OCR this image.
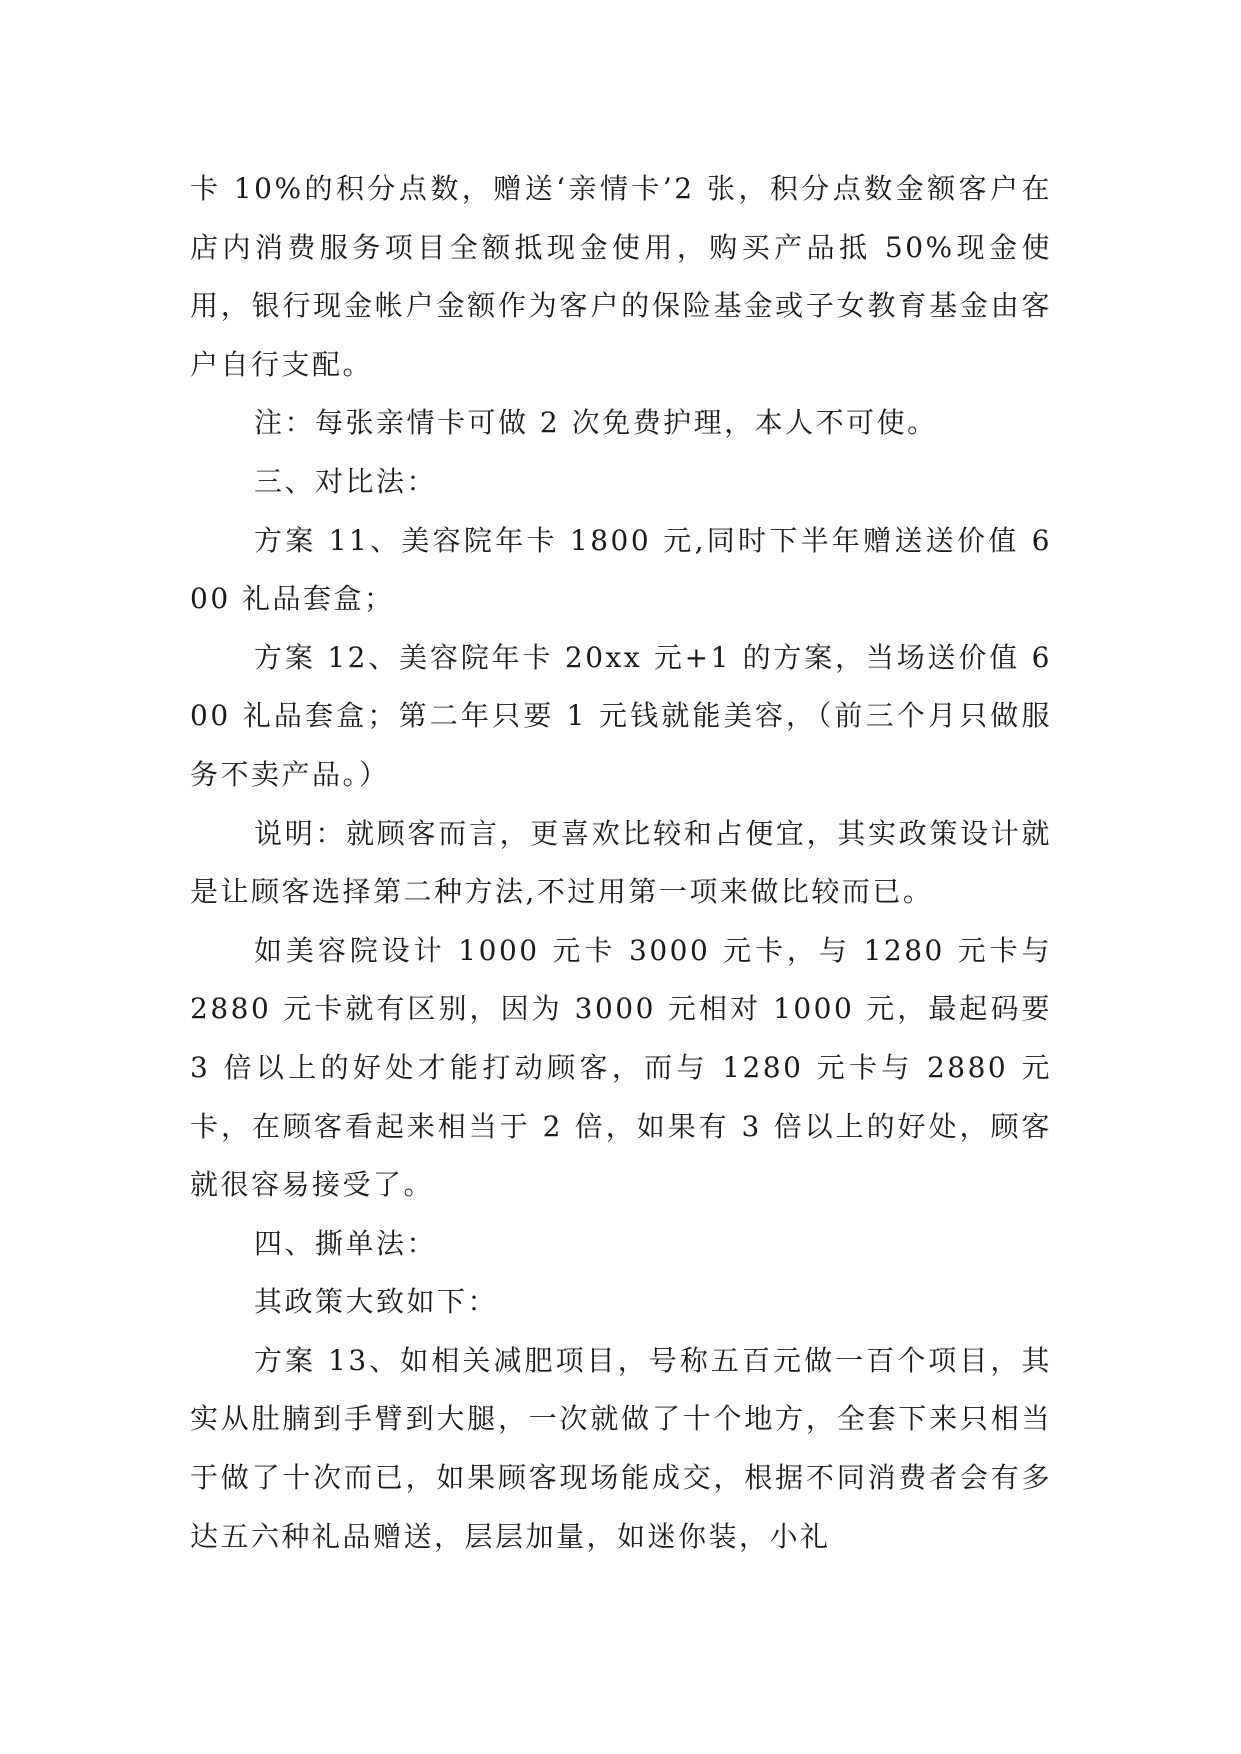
卡 10%的积分点数，赠送‘亲情卡’2 张，积分点数金额客户在店内消费服务项目全额抵现金使用，购买产品抵 50%现金使用，银行现金帐户金额作为客户的保险基金或子女教育基金由客户自行支配。

注：每张亲情卡可做 2 次免费护理，本人不可使。

三、对比法：

方案 11、美容院年卡 1800 元,同时下半年赠送送价值 600 礼品套盒；

方案 12、美容院年卡 20xx 元+1 的方案，当场送价值 600 礼品套盒；第二年只要 1 元钱就能美容，（前三个月只做服务不卖产品。）

说明：就顾客而言，更喜欢比较和占便宜，其实政策设计就是让顾客选择第二种方法,不过用第一项来做比较而已。

如美容院设计 1000 元卡 3000 元卡，与 1280 元卡与 2880 元卡就有区别，因为 3000 元相对 1000 元，最起码要 3 倍以上的好处才能打动顾客，而与 1280 元卡与 2880 元卡，在顾客看起来相当于 2 倍，如果有 3 倍以上的好处，顾客就很容易接受了。

四、撕单法：

其政策大致如下：

方案 13、如相关减肥项目，号称五百元做一百个项目，其实从肚腩到手臂到大腿，一次就做了十个地方，全套下来只相当于做了十次而已，如果顾客现场能成交，根据不同消费者会有多达五六种礼品赠送，层层加量，如迷你装，小礼
